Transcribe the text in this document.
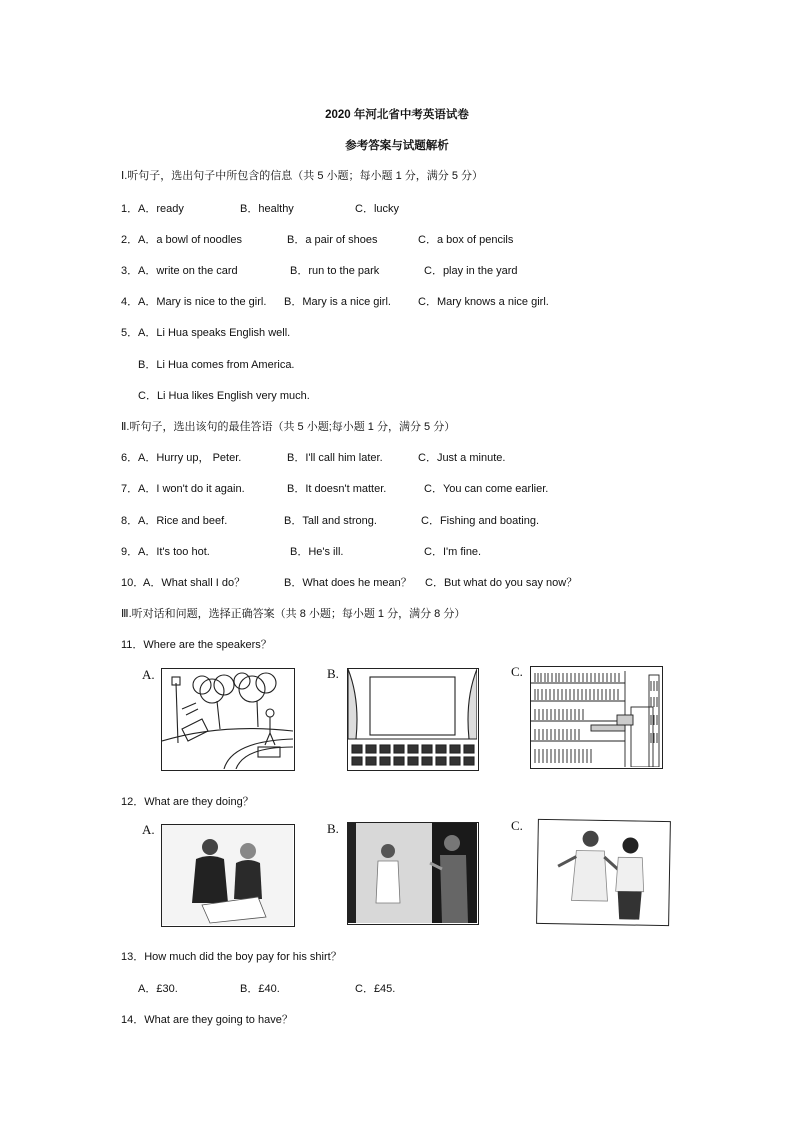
2020 年河北省中考英语试卷
参考答案与试题解析
Ⅰ.听句子，选出句子中所包含的信息（共 5 小题；每小题 1 分，满分 5 分）
1． A．ready	B．healthy	C．lucky
2． A．a bowl of noodles	B．a pair of shoes	C．a box of pencils
3． A．write on the card	B．run to the park	C．play in the yard
4． A．Mary is nice to the girl. B．Mary is a nice girl. C．Mary knows a nice girl.
5． A．Li Hua speaks English well.
B．Li Hua comes from America.
C．Li Hua likes English very much.
Ⅱ.听句子，选出该句的最佳答语（共 5 小题;每小题 1 分，满分 5 分）
6． A．Hurry up， Peter.	B．I'll call him later.	C．Just a minute.
7． A．I won't do it again.	B．It doesn't matter.	C．You can come earlier.
8． A．Rice and beef.	B．Tall and strong.	C．Fishing and boating.
9． A．It's too hot.	B．He's ill.	C．I'm fine.
10．
A．What shall I do？	B．What does he mean？ C．But what do you say now？
Ⅲ.听对话和问题，选择正确答案（共 8 小题；每小题 1 分，满分 8 分）
11．Where are the speakers？
A.	B.	C.
12．What are they doing？
A.	B.	C.
13．How much did the boy pay for his shirt？
A．£30.	B．£40.	C．£45.
14．What are they going to have？
